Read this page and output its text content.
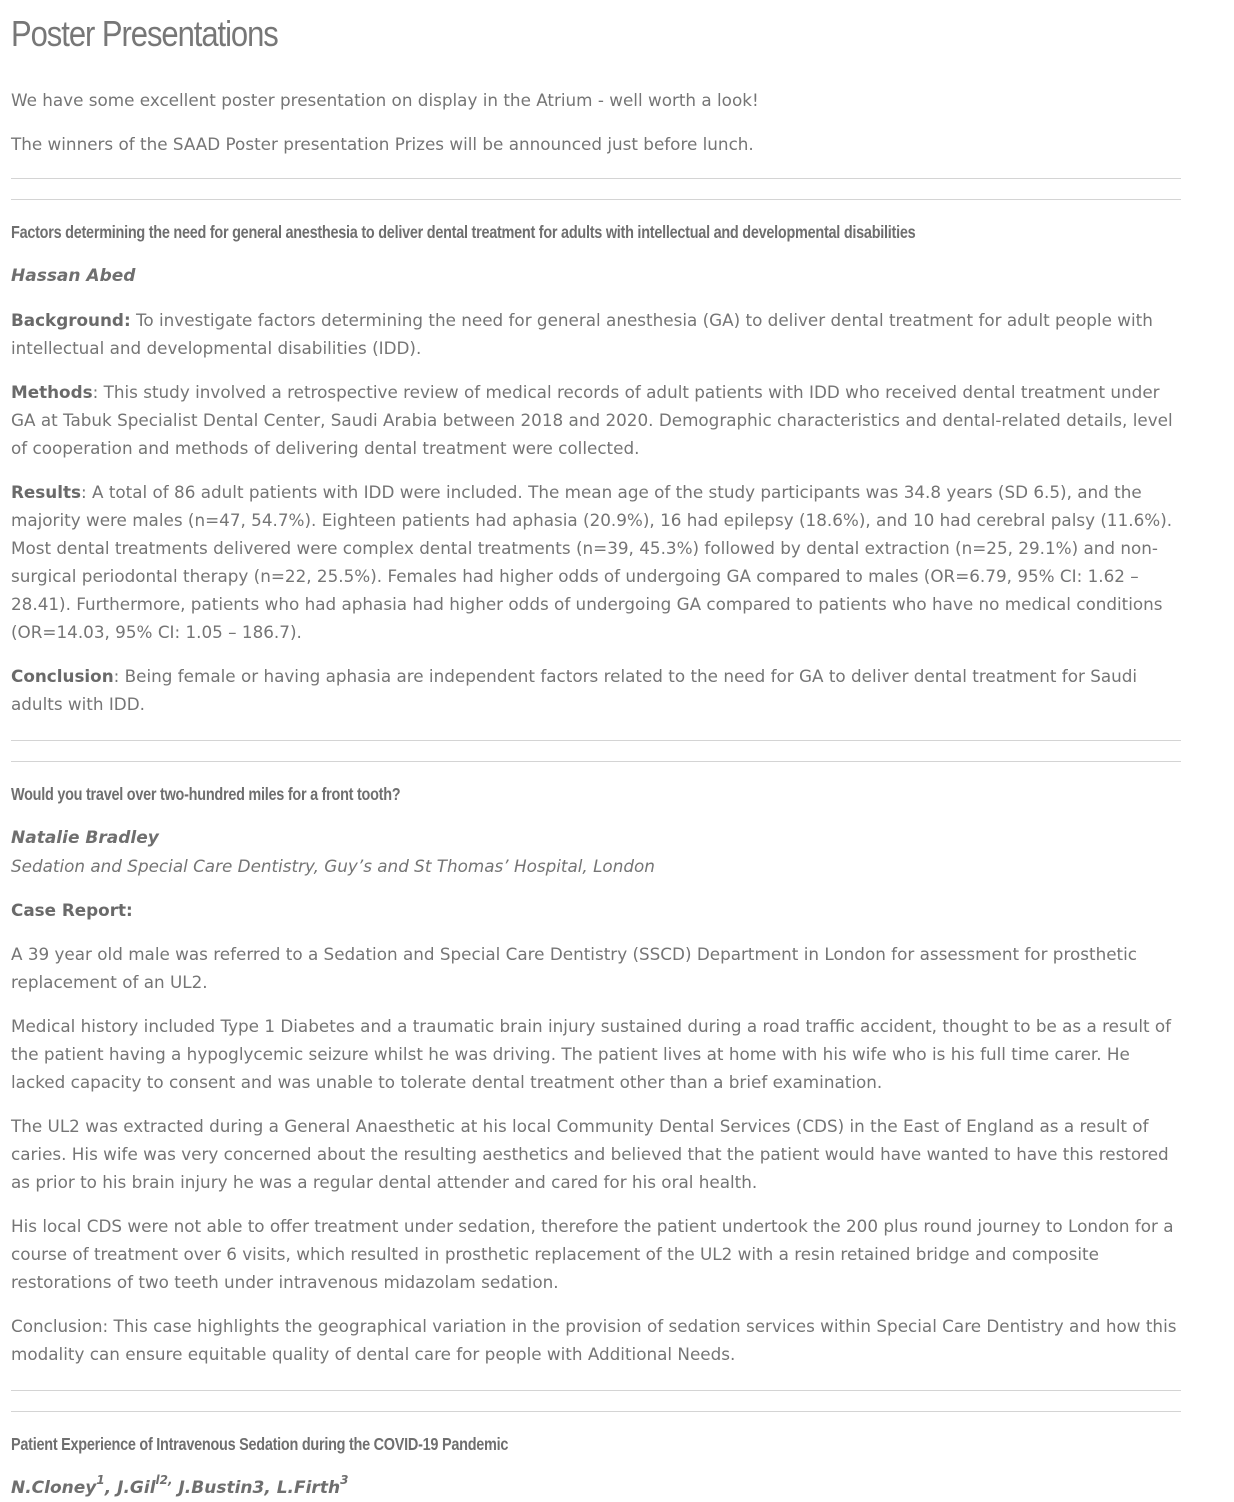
Poster Presentations

We have some excellent poster presentation on display in the Atrium - well worth a look!

The winners of the SAAD Poster presentation Prizes will be announced just before lunch.

Factors determining the need for general anesthesia to deliver dental treatment for adults with intellectual and developmental disabilities

Hassan Abed

Background: To investigate factors determining the need for general anesthesia (GA) to deliver dental treatment for adult people with intellectual and developmental disabilities (IDD).

Methods: This study involved a retrospective review of medical records of adult patients with IDD who received dental treatment under GA at Tabuk Specialist Dental Center, Saudi Arabia between 2018 and 2020. Demographic characteristics and dental-related details, level of cooperation and methods of delivering dental treatment were collected.

Results: A total of 86 adult patients with IDD were included. The mean age of the study participants was 34.8 years (SD 6.5), and the majority were males (n=47, 54.7%). Eighteen patients had aphasia (20.9%), 16 had epilepsy (18.6%), and 10 had cerebral palsy (11.6%). Most dental treatments delivered were complex dental treatments (n=39, 45.3%) followed by dental extraction (n=25, 29.1%) and non-surgical periodontal therapy (n=22, 25.5%). Females had higher odds of undergoing GA compared to males (OR=6.79, 95% CI: 1.62 – 28.41). Furthermore, patients who had aphasia had higher odds of undergoing GA compared to patients who have no medical conditions (OR=14.03, 95% CI: 1.05 – 186.7).

Conclusion: Being female or having aphasia are independent factors related to the need for GA to deliver dental treatment for Saudi adults with IDD.

Would you travel over two-hundred miles for a front tooth?

Natalie Bradley

Sedation and Special Care Dentistry, Guy’s and St Thomas’ Hospital, London

Case Report:

A 39 year old male was referred to a Sedation and Special Care Dentistry (SSCD) Department in London for assessment for prosthetic replacement of an UL2.

Medical history included Type 1 Diabetes and a traumatic brain injury sustained during a road traffic accident, thought to be as a result of the patient having a hypoglycemic seizure whilst he was driving. The patient lives at home with his wife who is his full time carer. He lacked capacity to consent and was unable to tolerate dental treatment other than a brief examination.

The UL2 was extracted during a General Anaesthetic at his local Community Dental Services (CDS) in the East of England as a result of caries. His wife was very concerned about the resulting aesthetics and believed that the patient would have wanted to have this restored as prior to his brain injury he was a regular dental attender and cared for his oral health.

His local CDS were not able to offer treatment under sedation, therefore the patient undertook the 200 plus round journey to London for a course of treatment over 6 visits, which resulted in prosthetic replacement of the UL2 with a resin retained bridge and composite restorations of two teeth under intravenous midazolam sedation.

Conclusion: This case highlights the geographical variation in the provision of sedation services within Special Care Dentistry and how this modality can ensure equitable quality of dental care for people with Additional Needs.

Patient Experience of Intravenous Sedation during the COVID-19 Pandemic

N.Cloney$^1$, J.Gil$^{l2,}$ J.Bustin3, L.Firth$^3$
